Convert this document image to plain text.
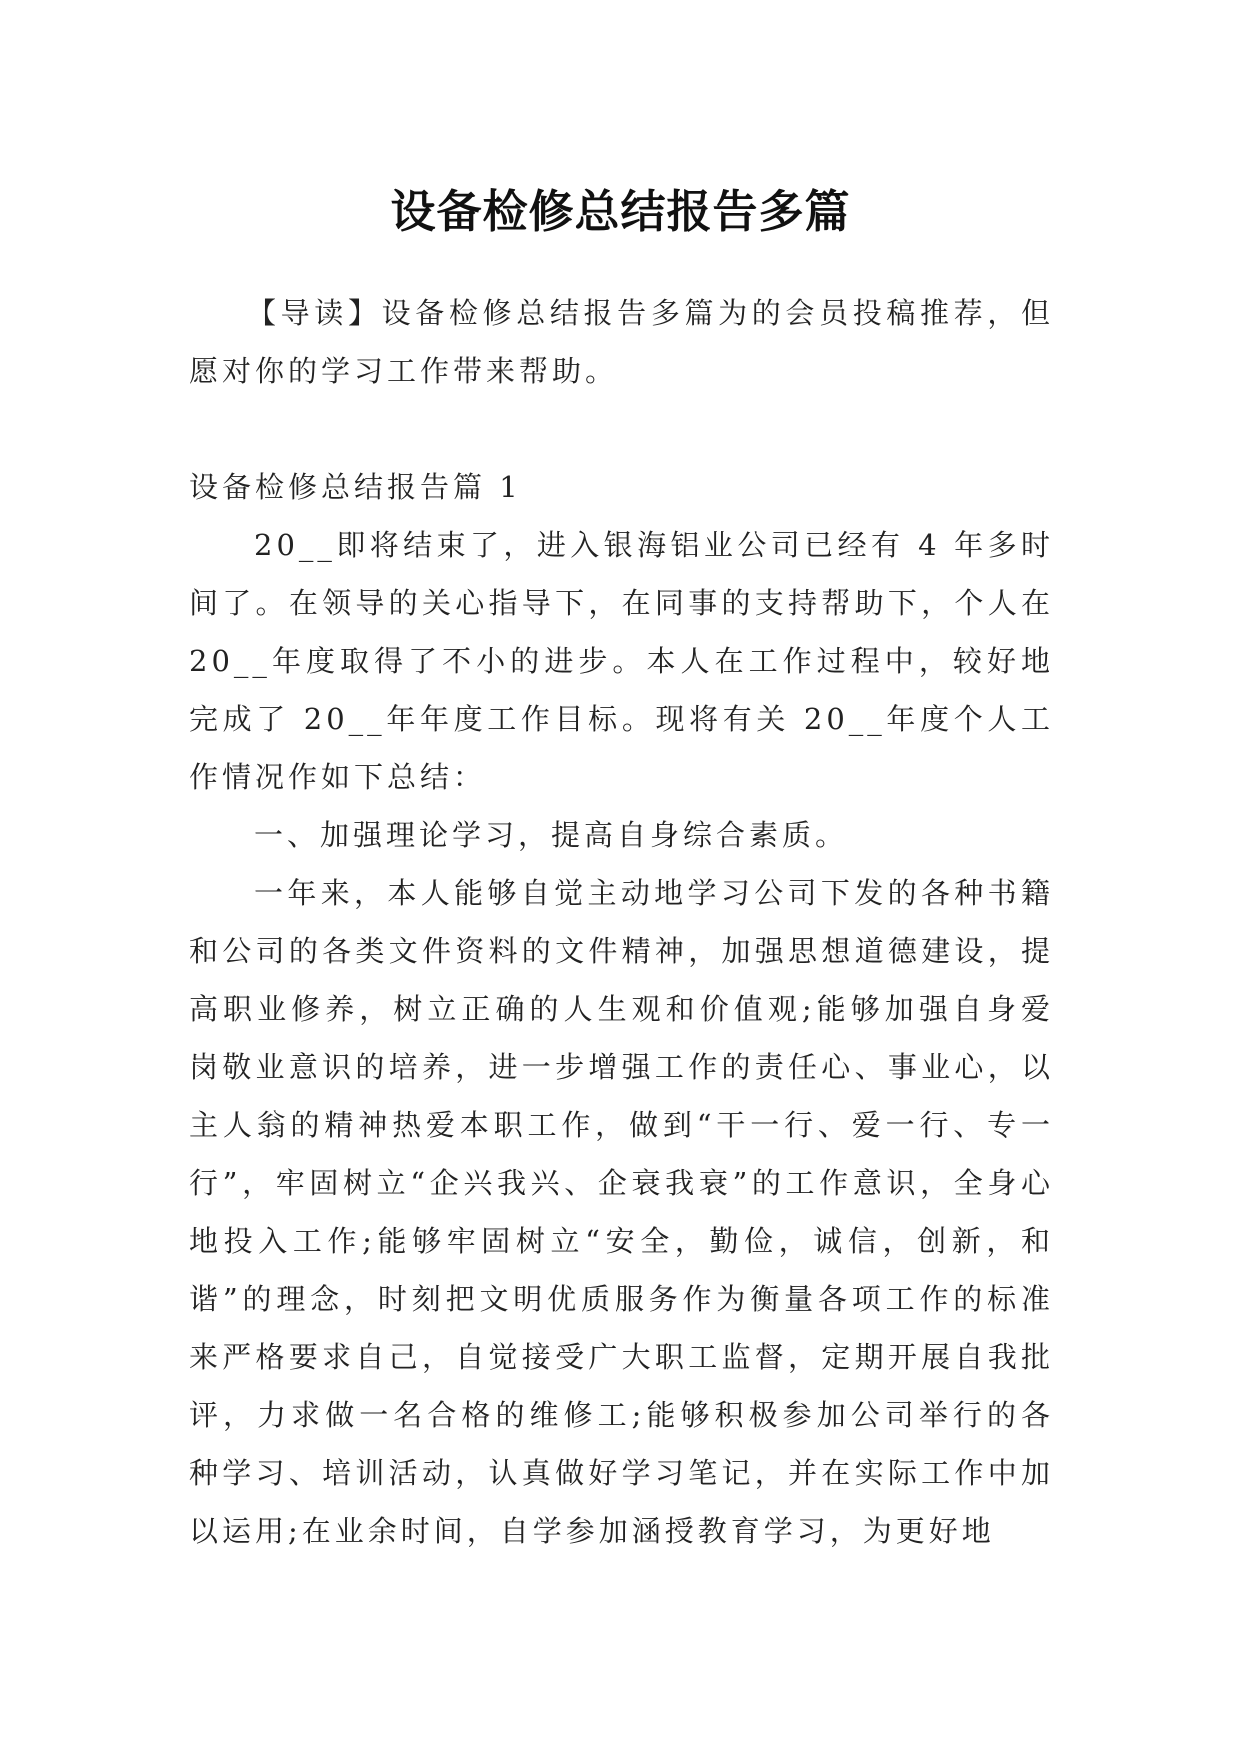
设备检修总结报告多篇

【导读】设备检修总结报告多篇为的会员投稿推荐，但愿对你的学习工作带来帮助。

设备检修总结报告篇 1

20__即将结束了，进入银海铝业公司已经有 4 年多时间了。在领导的关心指导下，在同事的支持帮助下，个人在 20__年度取得了不小的进步。本人在工作过程中，较好地完成了 20__年年度工作目标。现将有关 20__年度个人工作情况作如下总结：

一、加强理论学习，提高自身综合素质。

一年来，本人能够自觉主动地学习公司下发的各种书籍和公司的各类文件资料的文件精神，加强思想道德建设，提高职业修养，树立正确的人生观和价值观;能够加强自身爱岗敬业意识的培养，进一步增强工作的责任心、事业心，以主人翁的精神热爱本职工作，做到“干一行、爱一行、专一行”，牢固树立“企兴我兴、企衰我衰”的工作意识，全身心地投入工作;能够牢固树立“安全，勤俭，诚信，创新，和谐”的理念，时刻把文明优质服务作为衡量各项工作的标准来严格要求自己，自觉接受广大职工监督，定期开展自我批评，力求做一名合格的维修工;能够积极参加公司举行的各种学习、培训活动，认真做好学习笔记，并在实际工作中加以运用;在业余时间，自学参加涵授教育学习，为更好地
